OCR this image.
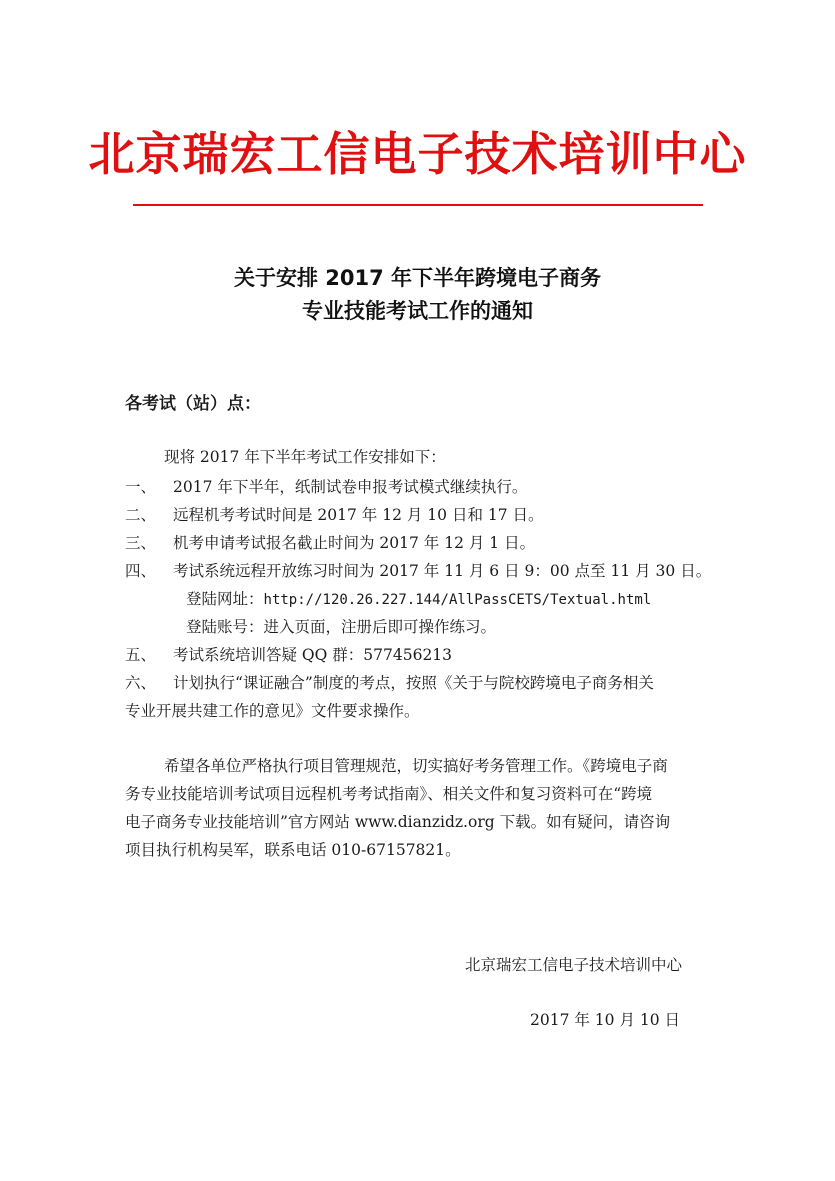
北京瑞宏工信电子技术培训中心
关于安排 2017 年下半年跨境电子商务
专业技能考试工作的通知
各考试（站）点：
现将 2017 年下半年考试工作安排如下：
一、 2017 年下半年，纸制试卷申报考试模式继续执行。
二、 远程机考考试时间是 2017 年 12 月 10 日和 17 日。
三、 机考申请考试报名截止时间为 2017 年 12 月 1 日。
四、 考试系统远程开放练习时间为 2017 年 11 月 6 日 9：00 点至 11 月 30 日。
登陆网址：http://120.26.227.144/AllPassCETS/Textual.html
登陆账号：进入页面，注册后即可操作练习。
五、 考试系统培训答疑 QQ 群：577456213
六、 计划执行“课证融合”制度的考点，按照《关于与院校跨境电子商务相关
专业开展共建工作的意见》文件要求操作。
希望各单位严格执行项目管理规范，切实搞好考务管理工作。《跨境电子商
务专业技能培训考试项目远程机考考试指南》、相关文件和复习资料可在“跨境
电子商务专业技能培训”官方网站 www.dianzidz.org 下载。如有疑问，请咨询
项目执行机构吴军，联系电话 010-67157821。
北京瑞宏工信电子技术培训中心
2017 年 10 月 10 日
